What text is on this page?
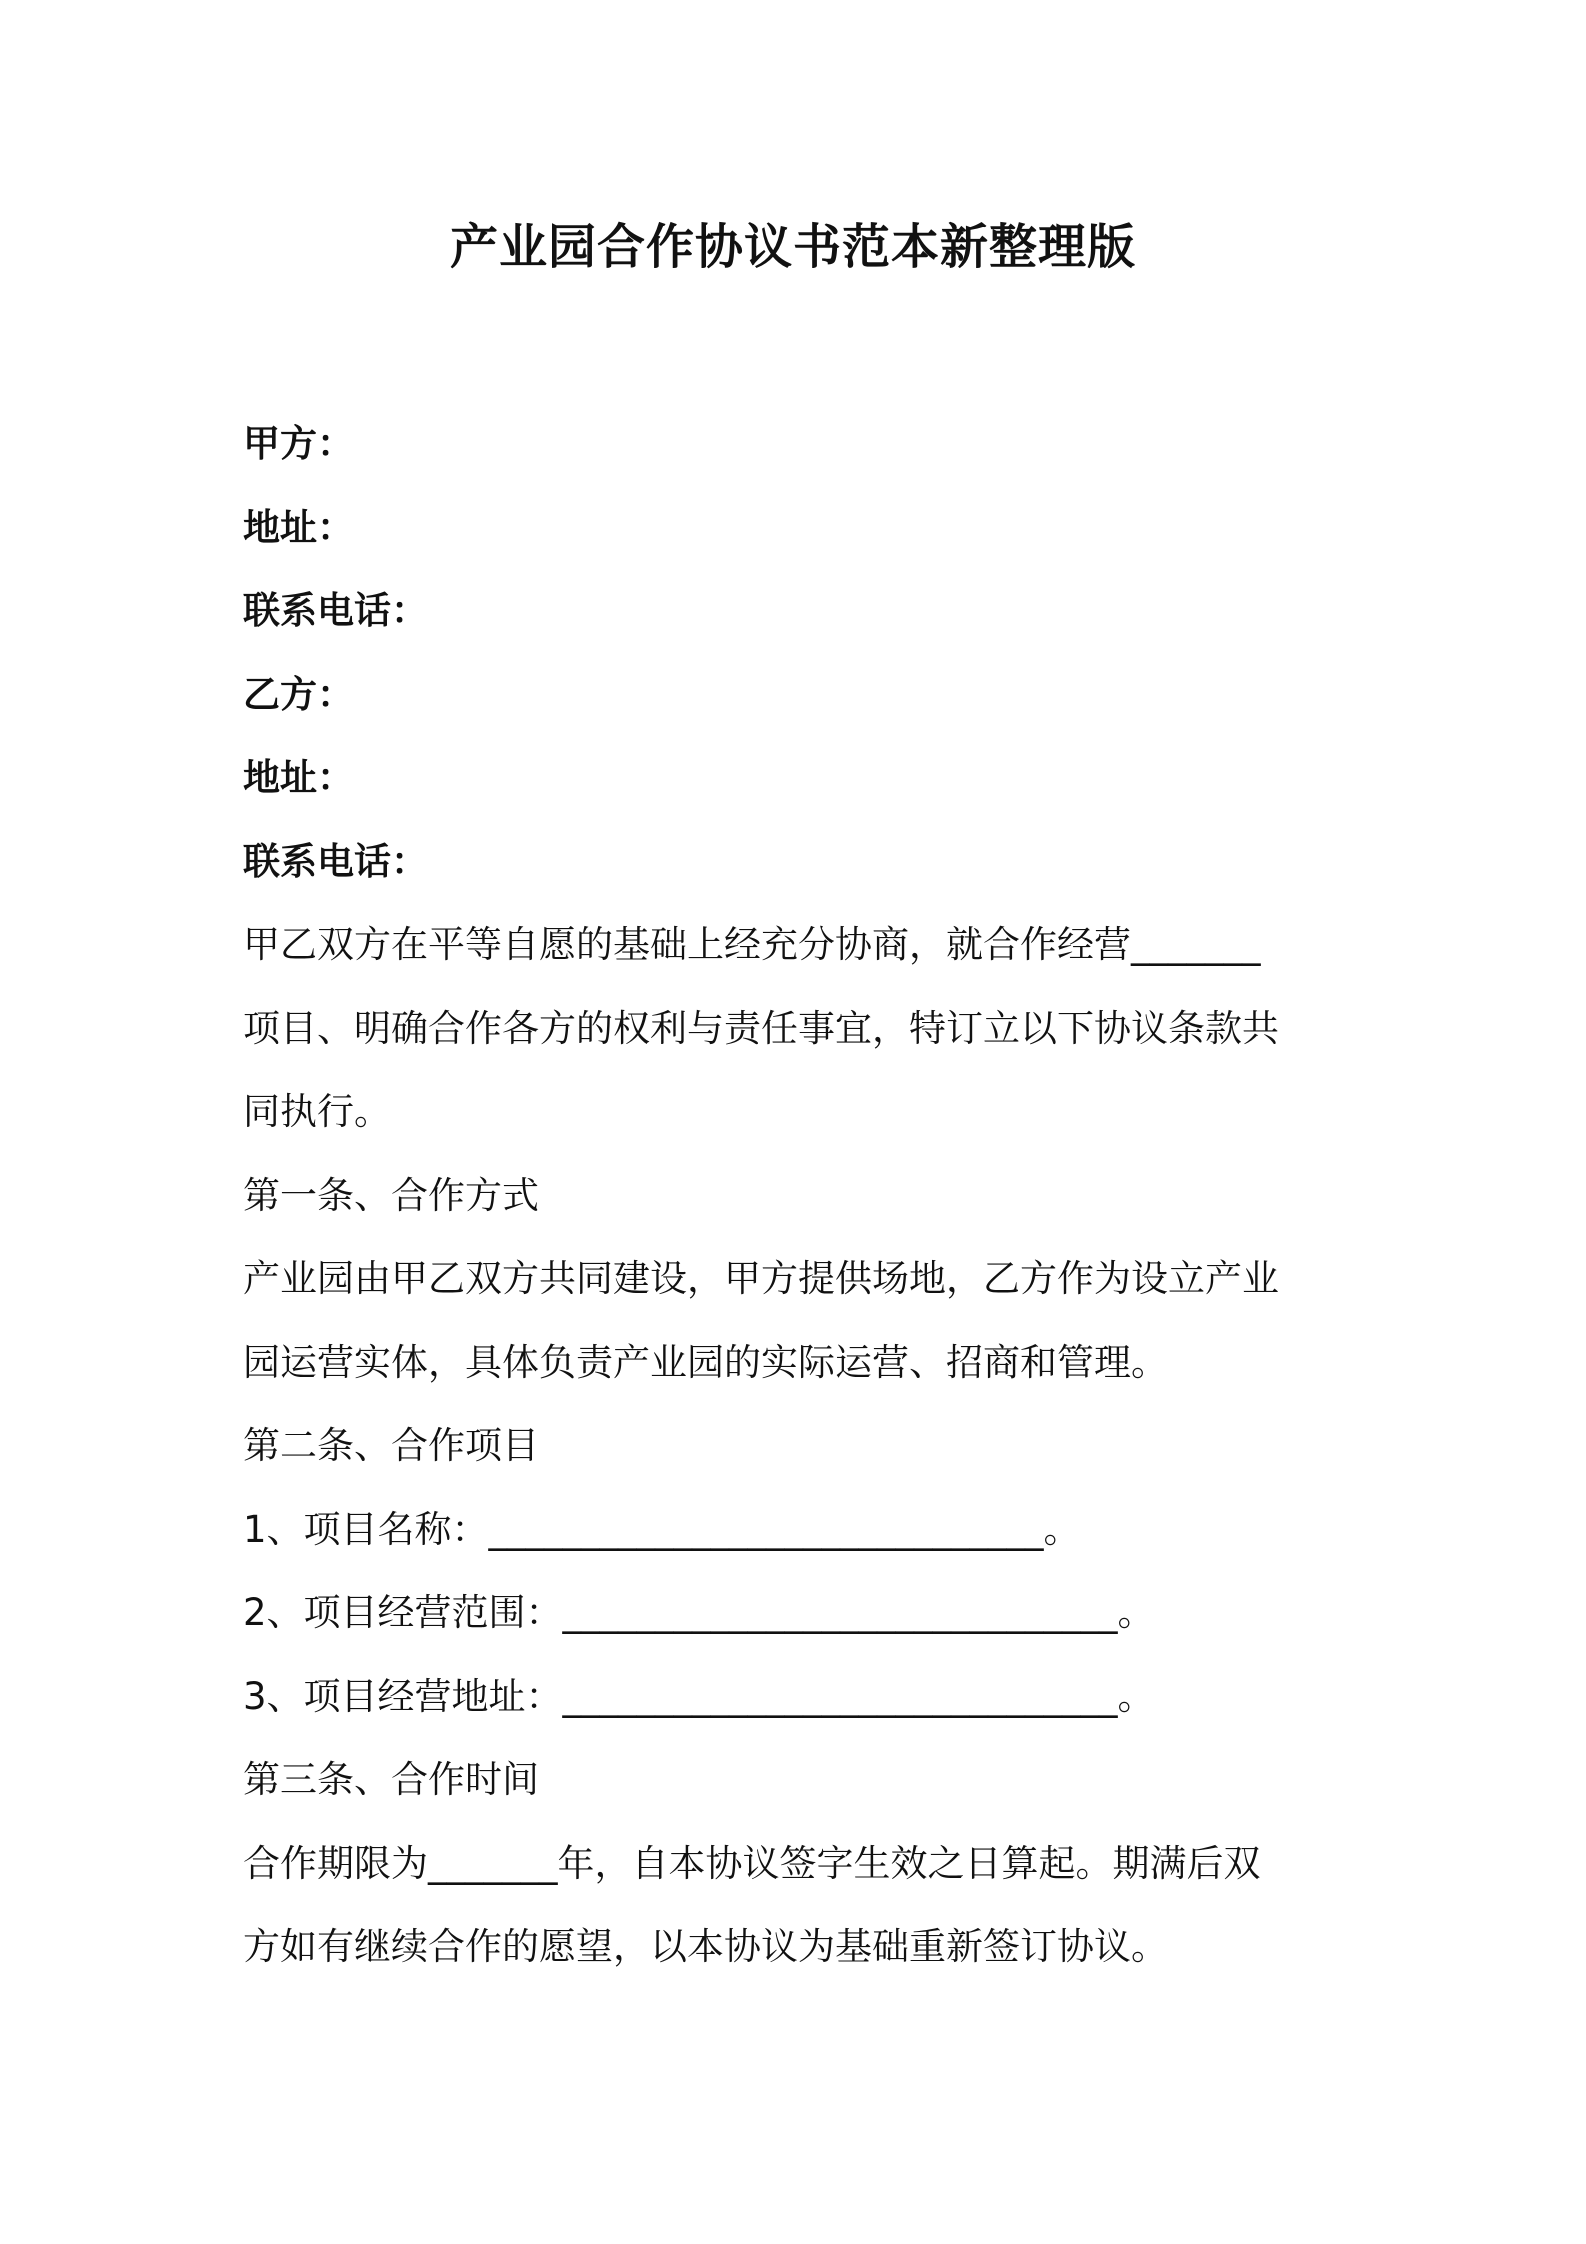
产业园合作协议书范本新整理版

甲方：

地址：

联系电话：

乙方：

地址：

联系电话：

甲乙双方在平等自愿的基础上经充分协商，就合作经营_______

项目、明确合作各方的权利与责任事宜，特订立以下协议条款共

同执行。

第一条、合作方式

产业园由甲乙双方共同建设，甲方提供场地，乙方作为设立产业

园运营实体，具体负责产业园的实际运营、招商和管理。

第二条、合作项目

1、项目名称：______________________________。

2、项目经营范围：______________________________。

3、项目经营地址：______________________________。

第三条、合作时间

合作期限为_______年，自本协议签字生效之日算起。期满后双

方如有继续合作的愿望，以本协议为基础重新签订协议。
